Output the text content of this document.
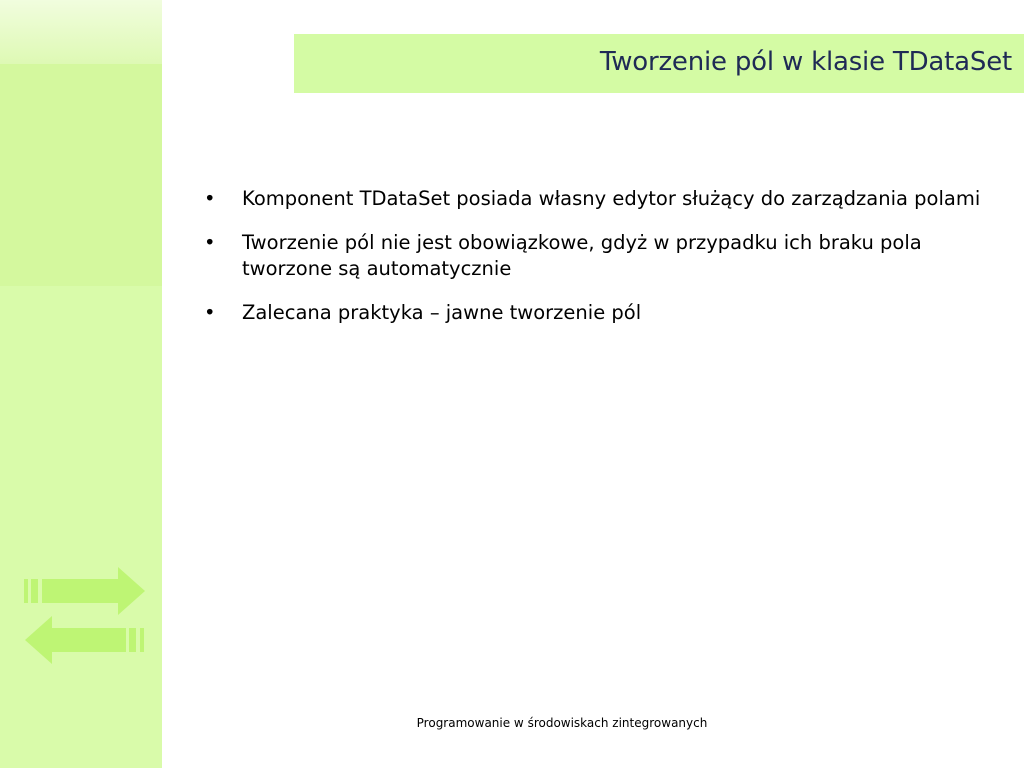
Tworzenie pól w klasie TDataSet
• Komponent TDataSet posiada własny edytor służący do zarządzania polami
• Tworzenie pól nie jest obowiązkowe, gdyż w przypadku ich braku pola tworzone są automatycznie
• Zalecana praktyka – jawne tworzenie pól
Programowanie w środowiskach zintegrowanych
